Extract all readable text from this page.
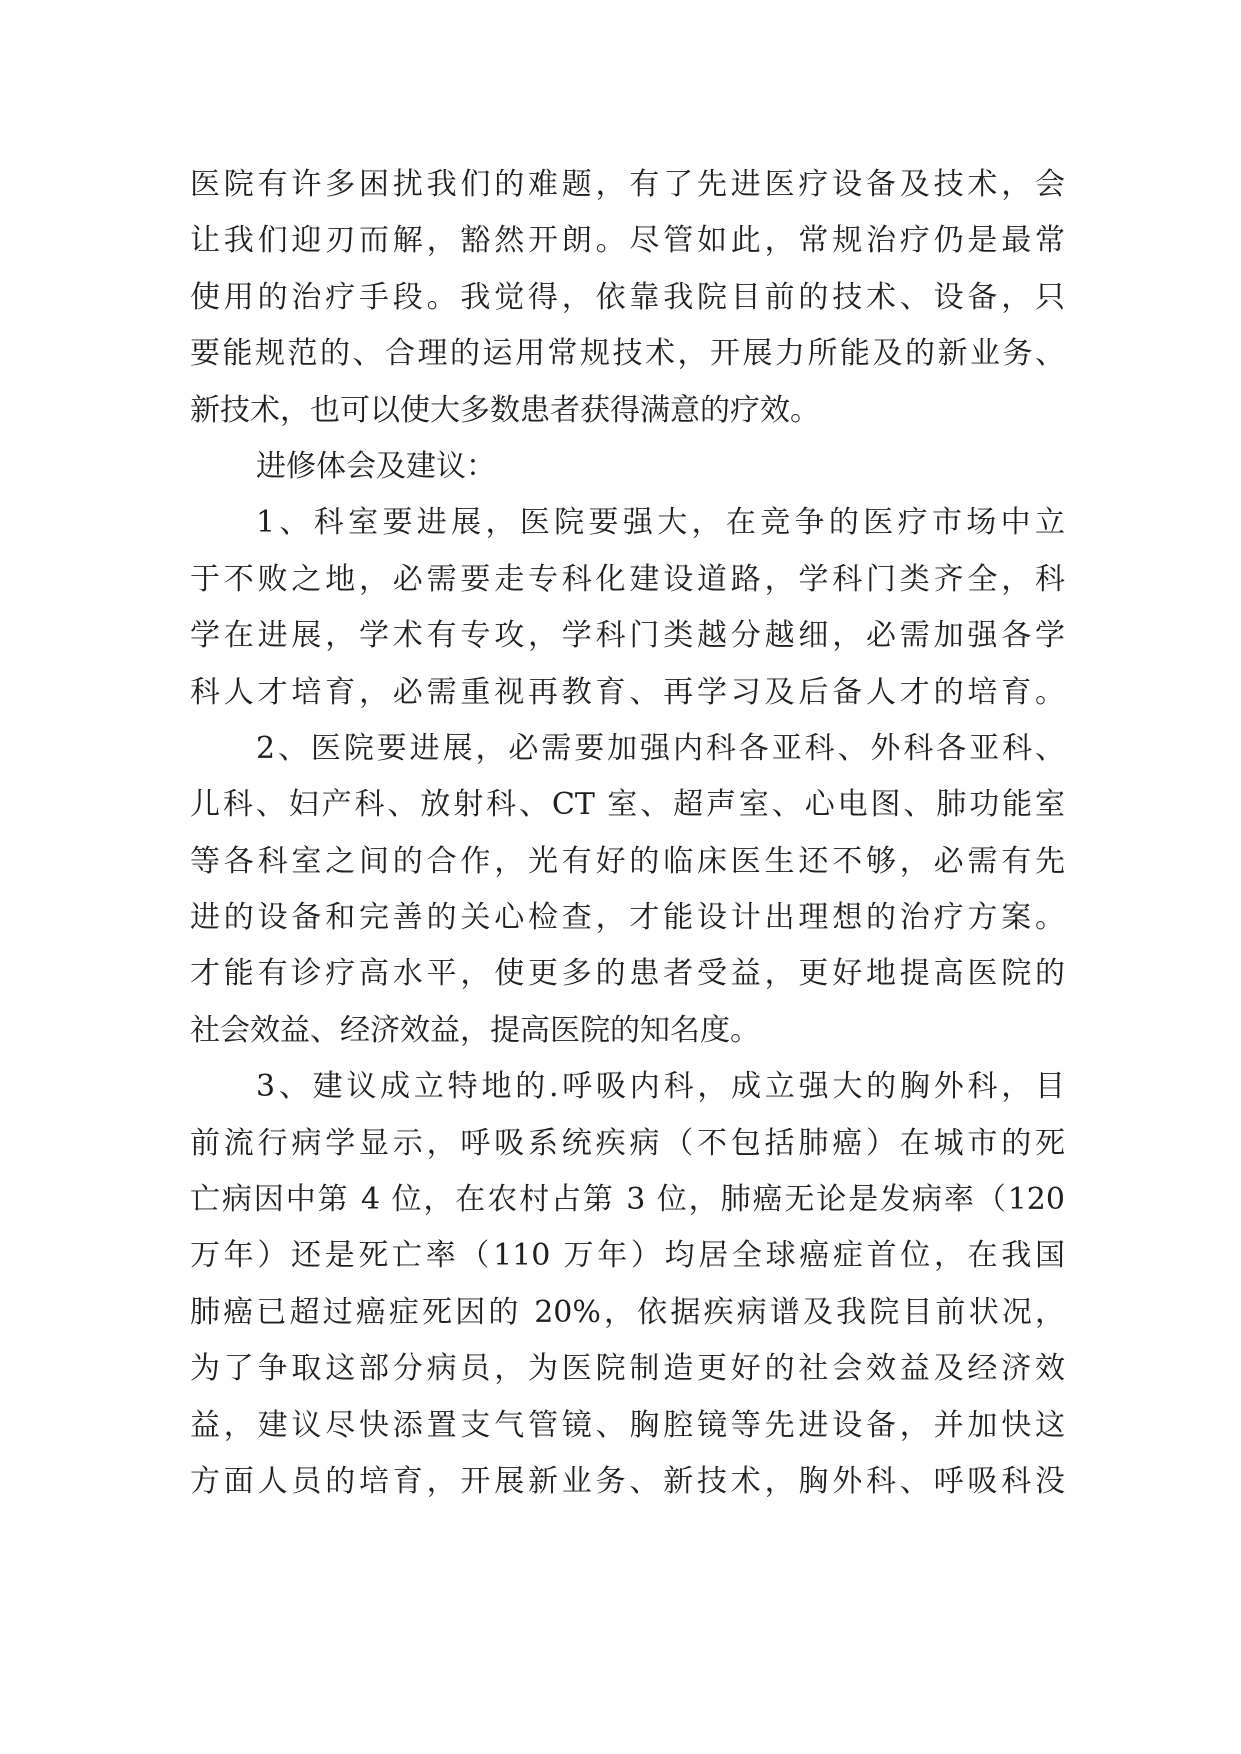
医院有许多困扰我们的难题，有了先进医疗设备及技术，会
让我们迎刃而解，豁然开朗。尽管如此，常规治疗仍是最常
使用的治疗手段。我觉得，依靠我院目前的技术、设备，只
要能规范的、合理的运用常规技术，开展力所能及的新业务、
新技术，也可以使大多数患者获得满意的疗效。
进修体会及建议：
1、科室要进展，医院要强大，在竞争的医疗市场中立
于不败之地，必需要走专科化建设道路，学科门类齐全，科
学在进展，学术有专攻，学科门类越分越细，必需加强各学
科人才培育，必需重视再教育、再学习及后备人才的培育。
2、医院要进展，必需要加强内科各亚科、外科各亚科、
儿科、妇产科、放射科、CT 室、超声室、心电图、肺功能室
等各科室之间的合作，光有好的临床医生还不够，必需有先
进的设备和完善的关心检查，才能设计出理想的治疗方案。
才能有诊疗高水平，使更多的患者受益，更好地提高医院的
社会效益、经济效益，提高医院的知名度。
3、建议成立特地的.呼吸内科，成立强大的胸外科，目
前流行病学显示，呼吸系统疾病（不包括肺癌）在城市的死
亡病因中第 4 位，在农村占第 3 位，肺癌无论是发病率（120
万年）还是死亡率（110 万年）均居全球癌症首位，在我国
肺癌已超过癌症死因的 20%，依据疾病谱及我院目前状况，
为了争取这部分病员，为医院制造更好的社会效益及经济效
益，建议尽快添置支气管镜、胸腔镜等先进设备，并加快这
方面人员的培育，开展新业务、新技术，胸外科、呼吸科没
